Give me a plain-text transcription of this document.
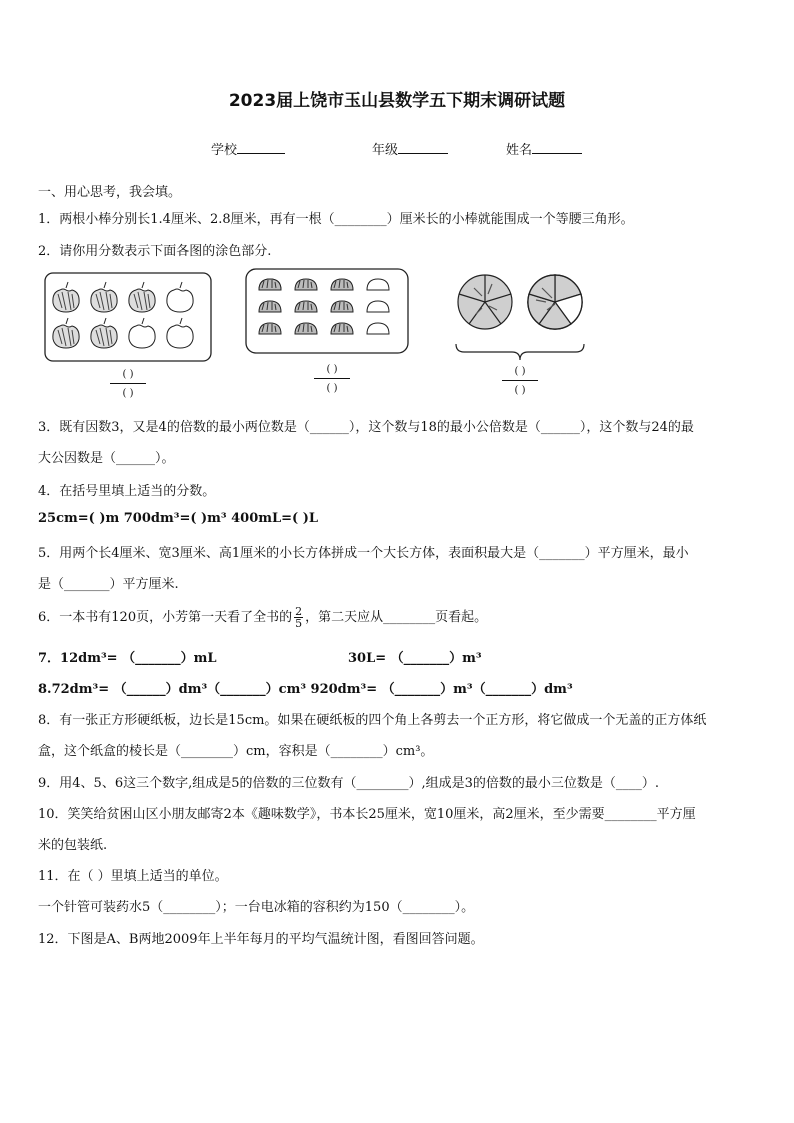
2023届上饶市玉山县数学五下期末调研试题
学校	年级	姓名
一、用心思考，我会填。
1．两根小棒分别长1.4厘米、2.8厘米，再有一根（________）厘米长的小棒就能围成一个等腰三角形。
2．请你用分数表示下面各图的涂色部分.
( )
( )
( )
( )
( )
( )
3．既有因数3，又是4的倍数的最小两位数是（______），这个数与18的最小公倍数是（______），这个数与24的最
大公因数是（______）。
4．在括号里填上适当的分数。
25cm=( )m 700dm³=( )m³ 400mL=( )L
5．用两个长4厘米、宽3厘米、高1厘米的小长方体拼成一个大长方体，表面积最大是（_______）平方厘米，最小
是（_______）平方厘米.
6．一本书有120页，小芳第一天看了全书的 $\frac{2}{5}$ ，第二天应从________页看起。
7．12dm³= （_______）mL	30L= （_______）m³
8.72dm³= （______）dm³（_______）cm³ 920dm³= （_______）m³（_______）dm³
8．有一张正方形硬纸板，边长是15cm。如果在硬纸板的四个角上各剪去一个正方形，将它做成一个无盖的正方体纸
盒，这个纸盒的棱长是（________）cm，容积是（________）cm³。
9．用4、5、6这三个数字,组成是5的倍数的三位数有（________）,组成是3的倍数的最小三位数是（____）.
10．笑笑给贫困山区小朋友邮寄2本《趣味数学》，书本长25厘米，宽10厘米，高2厘米，至少需要________平方厘
米的包装纸.
11．在（ ）里填上适当的单位。
一个针管可装药水5（________）；一台电冰箱的容积约为150（________）。
12．下图是A、B两地2009年上半年每月的平均气温统计图，看图回答问题。
